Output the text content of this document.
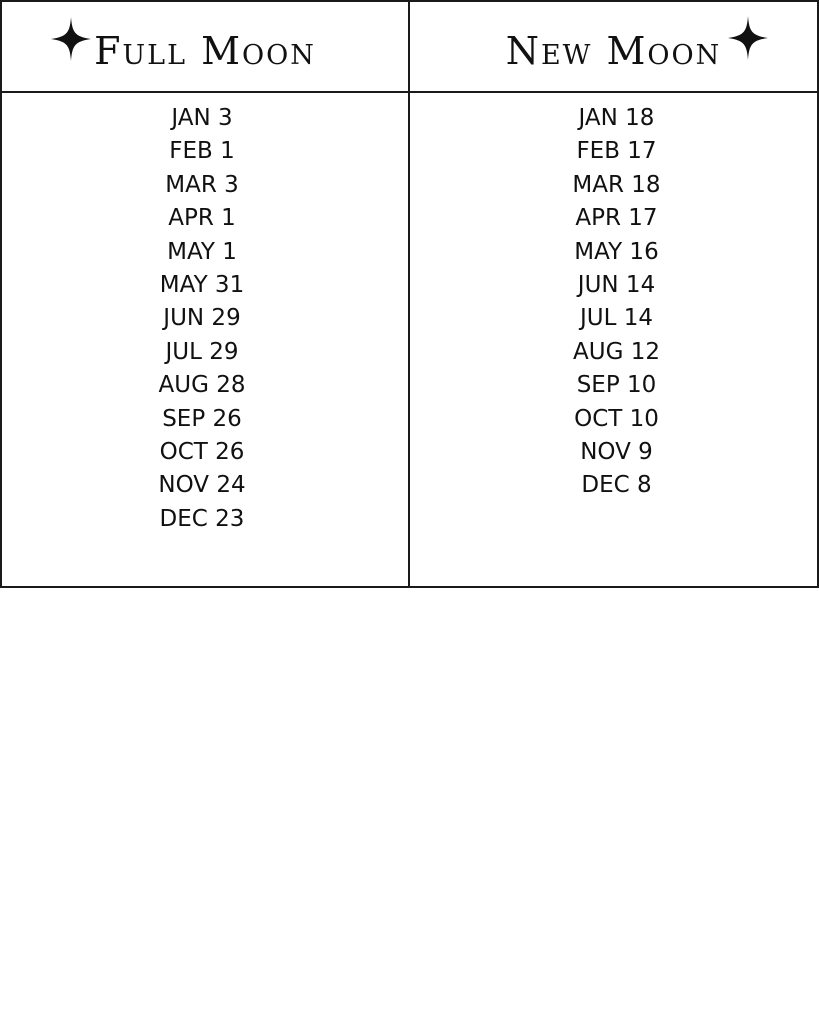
Full Moon	New Moon
JAN 3
FEB 1
MAR 3
APR 1
MAY 1
MAY 31
JUN 29
JUL 29
AUG 28
SEP 26
OCT 26
NOV 24
DEC 23
JAN 18
FEB 17
MAR 18
APR 17
MAY 16
JUN 14
JUL 14
AUG 12
SEP 10
OCT 10
NOV 9
DEC 8
